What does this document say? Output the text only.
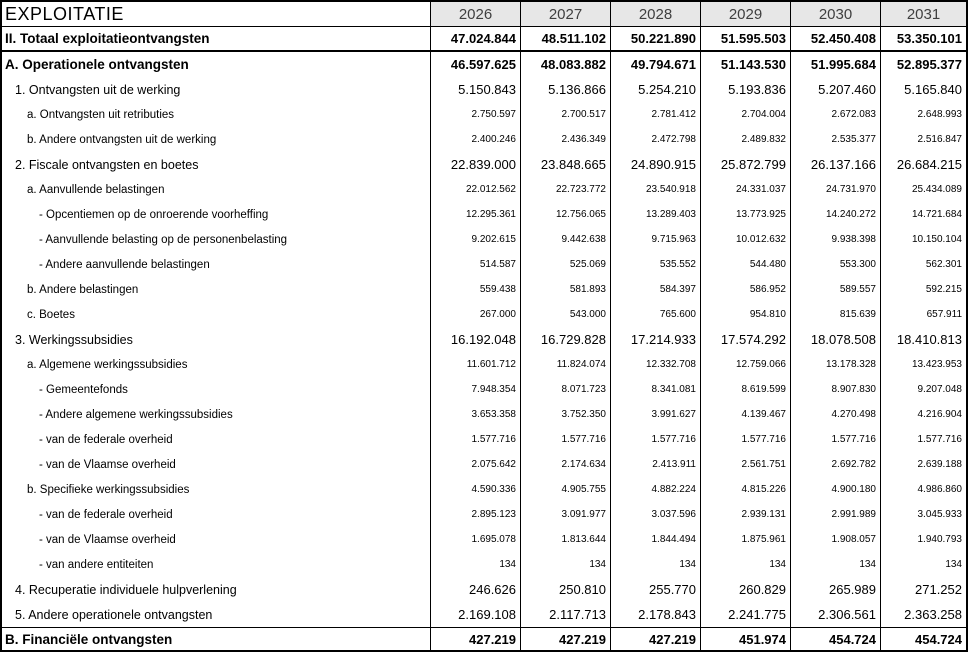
EXPLOITATIE	2026	2027	2028	2029	2030	2031
II. Totaal exploitatieontvangsten	47.024.844	48.511.102	50.221.890	51.595.503	52.450.408	53.350.101
A. Operationele ontvangsten	46.597.625	48.083.882	49.794.671	51.143.530	51.995.684	52.895.377
1. Ontvangsten uit de werking	5.150.843	5.136.866	5.254.210	5.193.836	5.207.460	5.165.840
a. Ontvangsten uit retributies	2.750.597	2.700.517	2.781.412	2.704.004	2.672.083	2.648.993
b. Andere ontvangsten uit de werking	2.400.246	2.436.349	2.472.798	2.489.832	2.535.377	2.516.847
2. Fiscale ontvangsten en boetes	22.839.000	23.848.665	24.890.915	25.872.799	26.137.166	26.684.215
a. Aanvullende belastingen	22.012.562	22.723.772	23.540.918	24.331.037	24.731.970	25.434.089
- Opcentiemen op de onroerende voorheffing	12.295.361	12.756.065	13.289.403	13.773.925	14.240.272	14.721.684
- Aanvullende belasting op de personenbelasting	9.202.615	9.442.638	9.715.963	10.012.632	9.938.398	10.150.104
- Andere aanvullende belastingen	514.587	525.069	535.552	544.480	553.300	562.301
b. Andere belastingen	559.438	581.893	584.397	586.952	589.557	592.215
c. Boetes	267.000	543.000	765.600	954.810	815.639	657.911
3. Werkingssubsidies	16.192.048	16.729.828	17.214.933	17.574.292	18.078.508	18.410.813
a. Algemene werkingssubsidies	11.601.712	11.824.074	12.332.708	12.759.066	13.178.328	13.423.953
- Gemeentefonds	7.948.354	8.071.723	8.341.081	8.619.599	8.907.830	9.207.048
- Andere algemene werkingssubsidies	3.653.358	3.752.350	3.991.627	4.139.467	4.270.498	4.216.904
- van de federale overheid	1.577.716	1.577.716	1.577.716	1.577.716	1.577.716	1.577.716
- van de Vlaamse overheid	2.075.642	2.174.634	2.413.911	2.561.751	2.692.782	2.639.188
b. Specifieke werkingssubsidies	4.590.336	4.905.755	4.882.224	4.815.226	4.900.180	4.986.860
- van de federale overheid	2.895.123	3.091.977	3.037.596	2.939.131	2.991.989	3.045.933
- van de Vlaamse overheid	1.695.078	1.813.644	1.844.494	1.875.961	1.908.057	1.940.793
- van andere entiteiten	134	134	134	134	134	134
4. Recuperatie individuele hulpverlening	246.626	250.810	255.770	260.829	265.989	271.252
5. Andere operationele ontvangsten	2.169.108	2.117.713	2.178.843	2.241.775	2.306.561	2.363.258
B. Financiële ontvangsten	427.219	427.219	427.219	451.974	454.724	454.724
